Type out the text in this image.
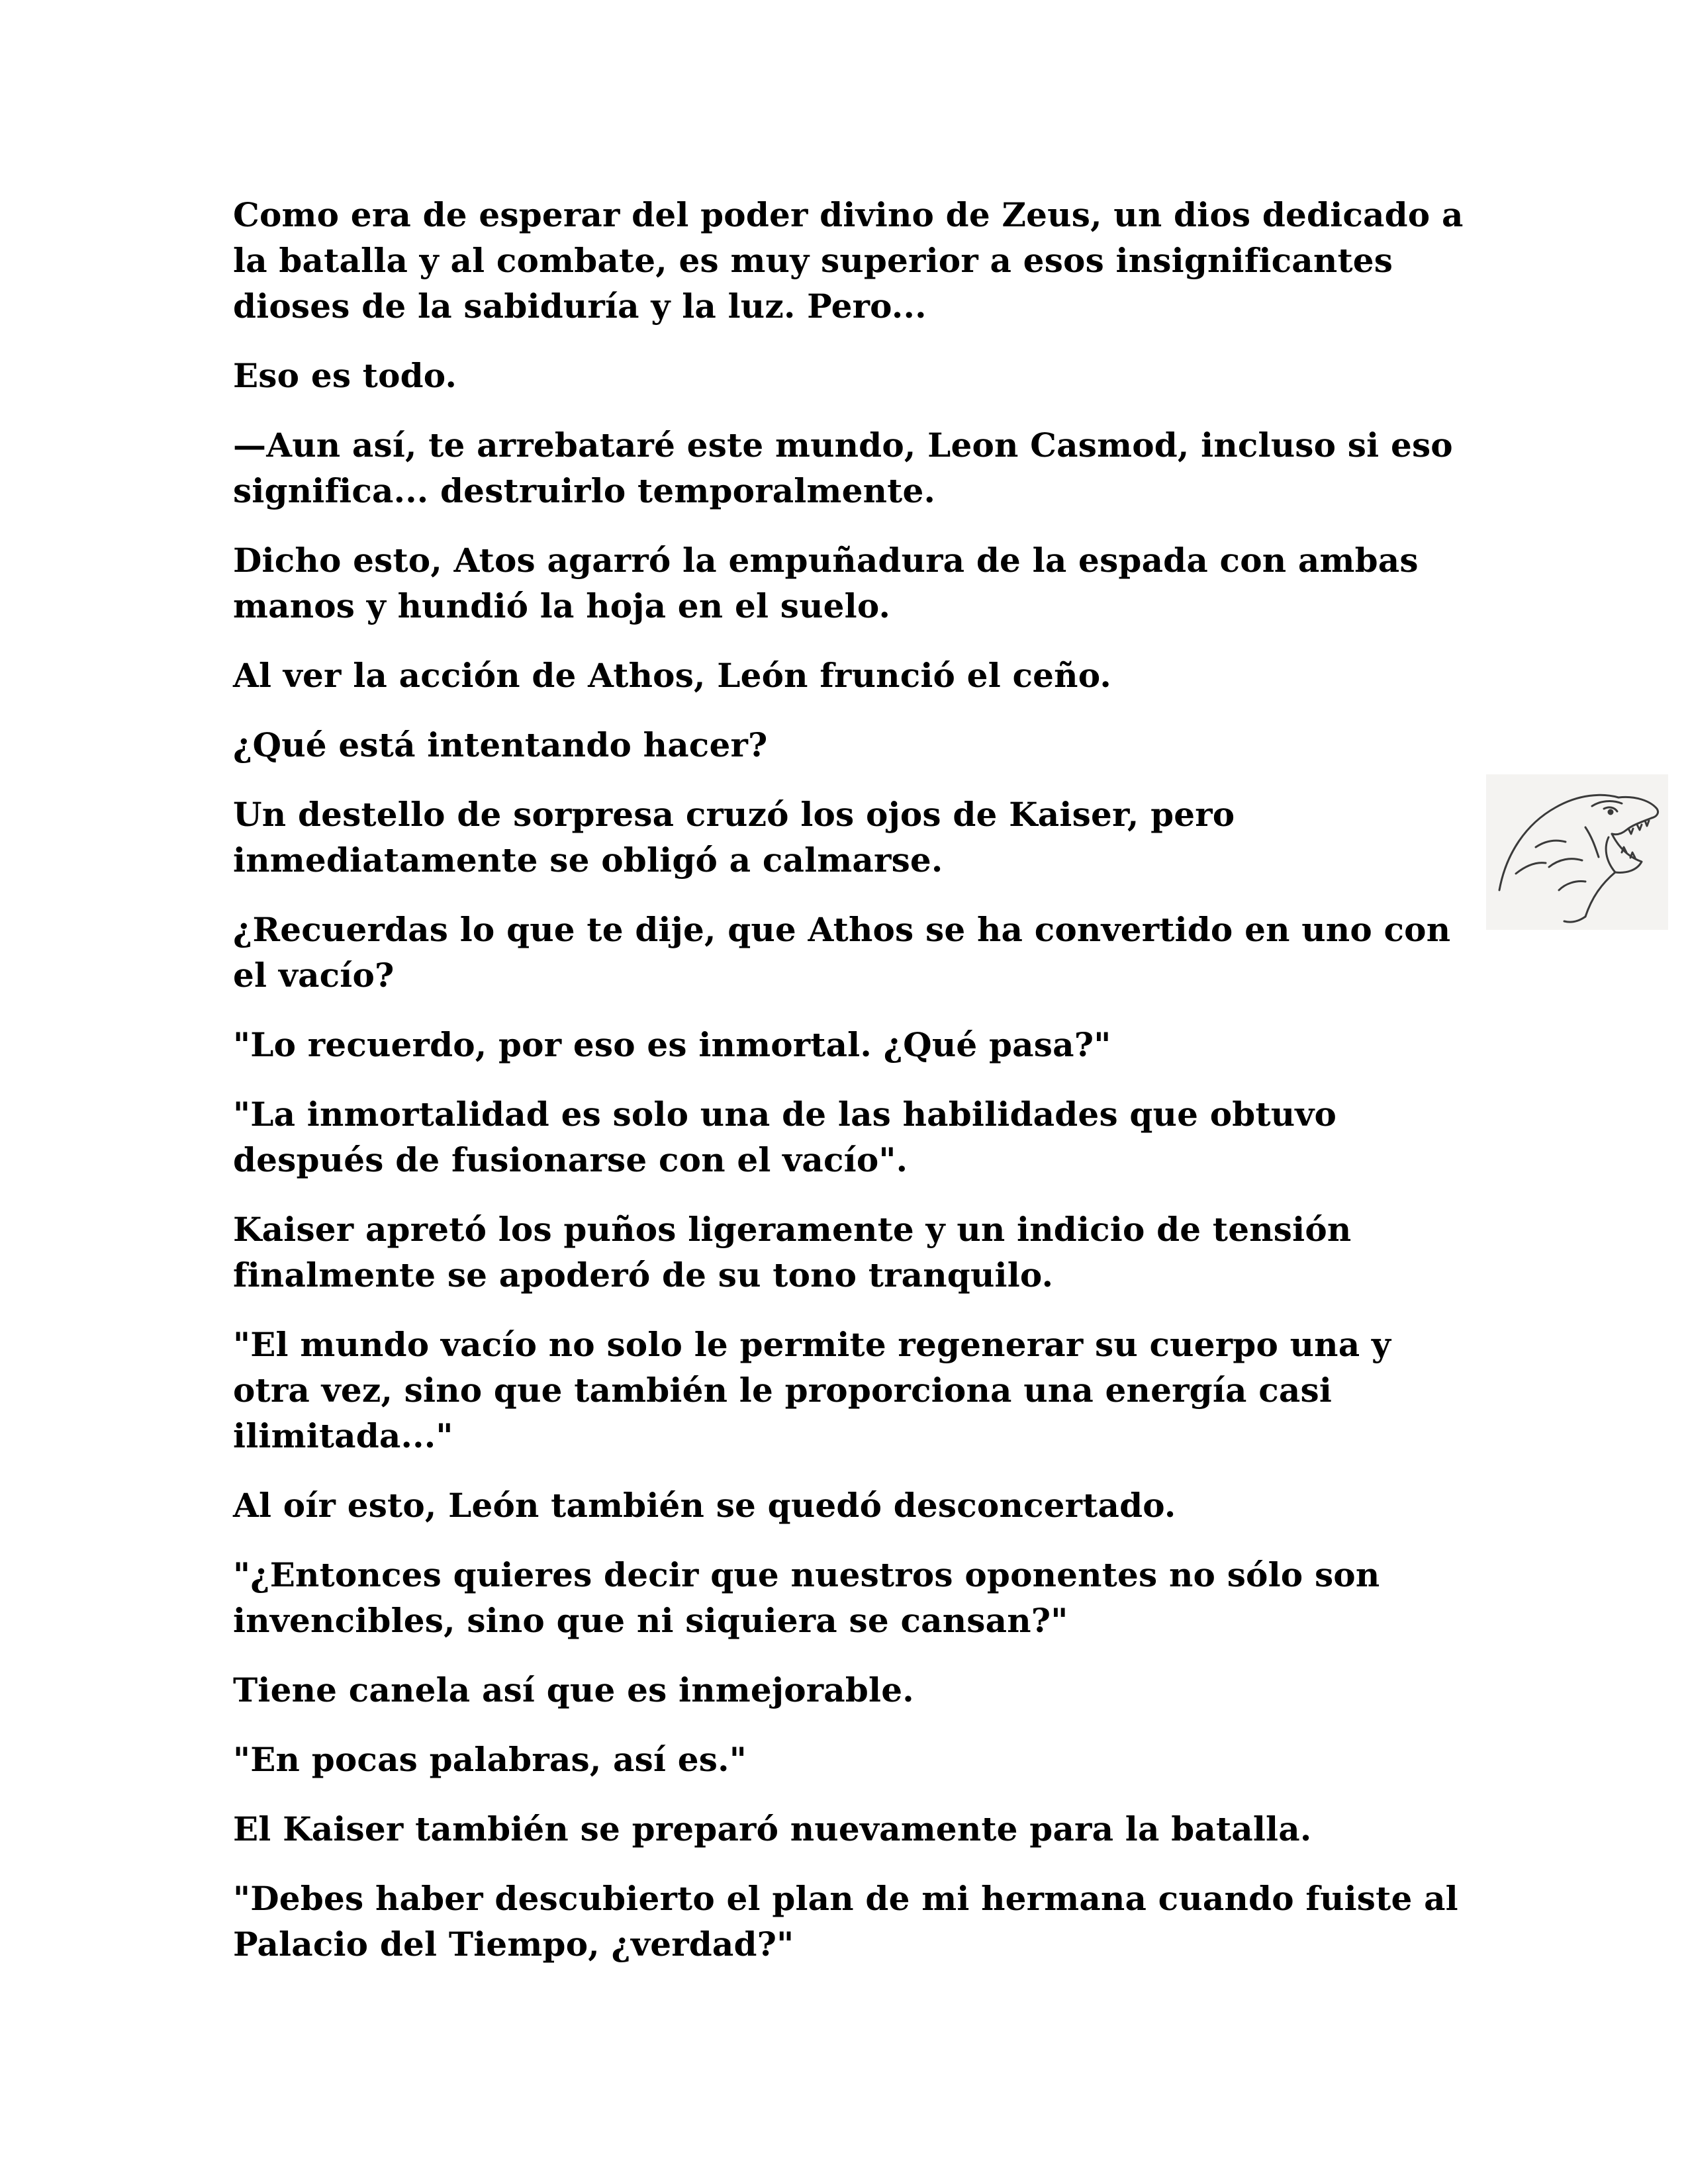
Como era de esperar del poder divino de Zeus, un dios dedicado a la batalla y al combate, es muy superior a esos insignificantes dioses de la sabiduría y la luz. Pero...

Eso es todo.

—Aun así, te arrebataré este mundo, Leon Casmod, incluso si eso significa... destruirlo temporalmente.

Dicho esto, Atos agarró la empuñadura de la espada con ambas manos y hundió la hoja en el suelo.

Al ver la acción de Athos, León frunció el ceño.

¿Qué está intentando hacer?

Un destello de sorpresa cruzó los ojos de Kaiser, pero inmediatamente se obligó a calmarse.

¿Recuerdas lo que te dije, que Athos se ha convertido en uno con el vacío?

"Lo recuerdo, por eso es inmortal. ¿Qué pasa?"

"La inmortalidad es solo una de las habilidades que obtuvo después de fusionarse con el vacío".

Kaiser apretó los puños ligeramente y un indicio de tensión finalmente se apoderó de su tono tranquilo.

"El mundo vacío no solo le permite regenerar su cuerpo una y otra vez, sino que también le proporciona una energía casi ilimitada..."

Al oír esto, León también se quedó desconcertado.

"¿Entonces quieres decir que nuestros oponentes no sólo son invencibles, sino que ni siquiera se cansan?"

Tiene canela así que es inmejorable.

"En pocas palabras, así es."

El Kaiser también se preparó nuevamente para la batalla.

"Debes haber descubierto el plan de mi hermana cuando fuiste al Palacio del Tiempo, ¿verdad?"
